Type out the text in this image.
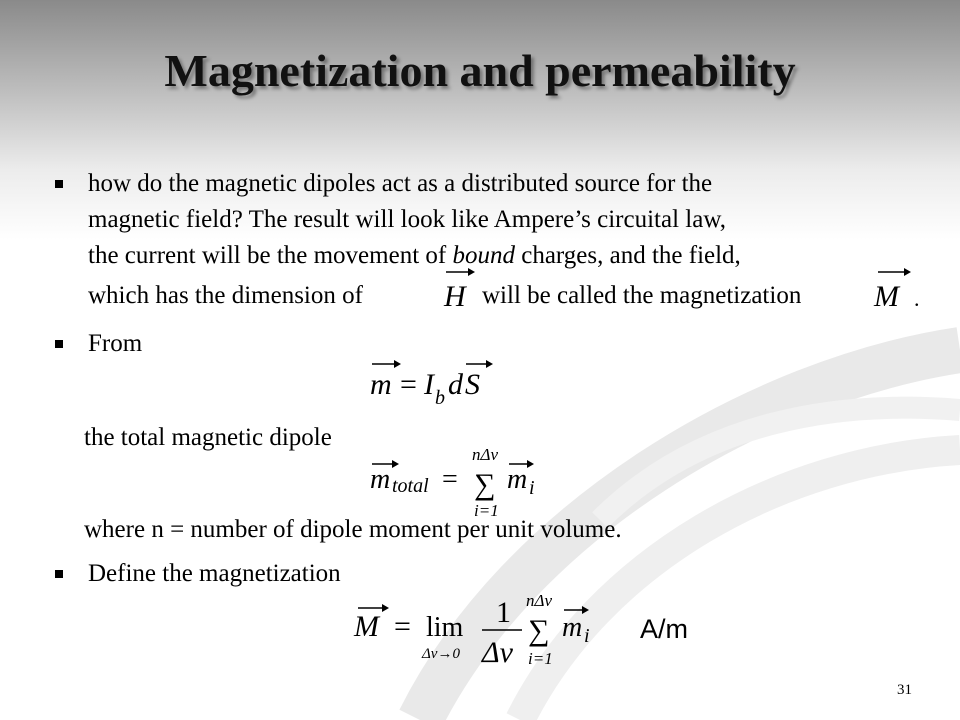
Magnetization and permeability
how do the magnetic dipoles act as a distributed source for the
magnetic field? The result will look like Ampere’s circuital law,
the current will be the movement of bound charges, and the field,
which has the dimension of	will be called the magnetization
H	M .
From
m = I b d S
the total magnetic dipole
m total =
nΔv
∑
i=1
m i
where n = number of dipole moment per unit volume.
Define the magnetization
M = lim
Δv→0
1
Δv
nΔv
∑
i=1
m i A/m
31
